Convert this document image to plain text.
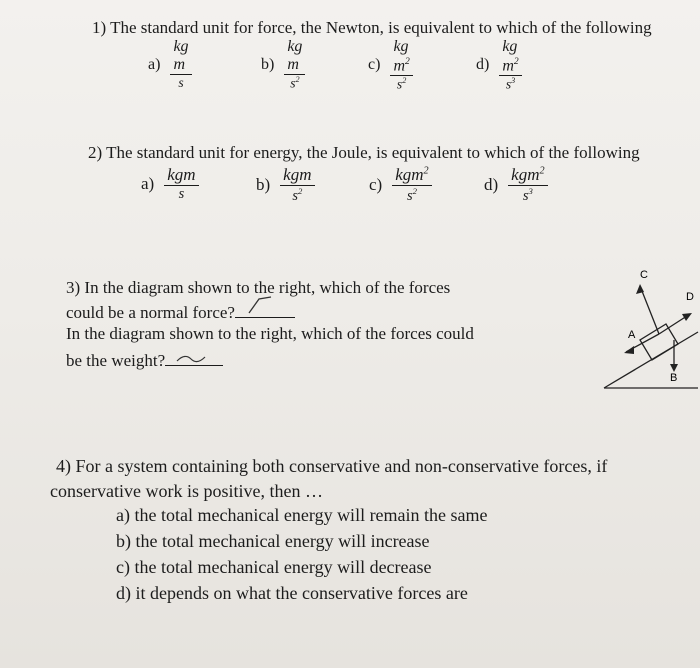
1) The standard unit for force, the Newton, is equivalent to which of the following
$a) \frac{\text{kg m}}{s}$	$b) \frac{\text{kg m}}{s^2}$	$c) \frac{kg m^2}{s^2}$	$d) \frac{kg m^2}{s^3}$
2) The standard unit for energy, the Joule, is equivalent to which of the following
$a) \frac{\text{kgm}}{s}$	$b) \frac{\text{kgm}}{s^2}$	$c) \frac{kgm^2}{s^2}$	$d) \frac{kgm^2}{s^3}$
3) In the diagram shown to the right, which of the forces
could be a normal force?
In the diagram shown to the right, which of the forces could
be the weight?
C
D
A
B
4) For a system containing both conservative and non-conservative forces, if
conservative work is positive, then …
a) the total mechanical energy will remain the same
b) the total mechanical energy will increase
c) the total mechanical energy will decrease
d) it depends on what the conservative forces are
